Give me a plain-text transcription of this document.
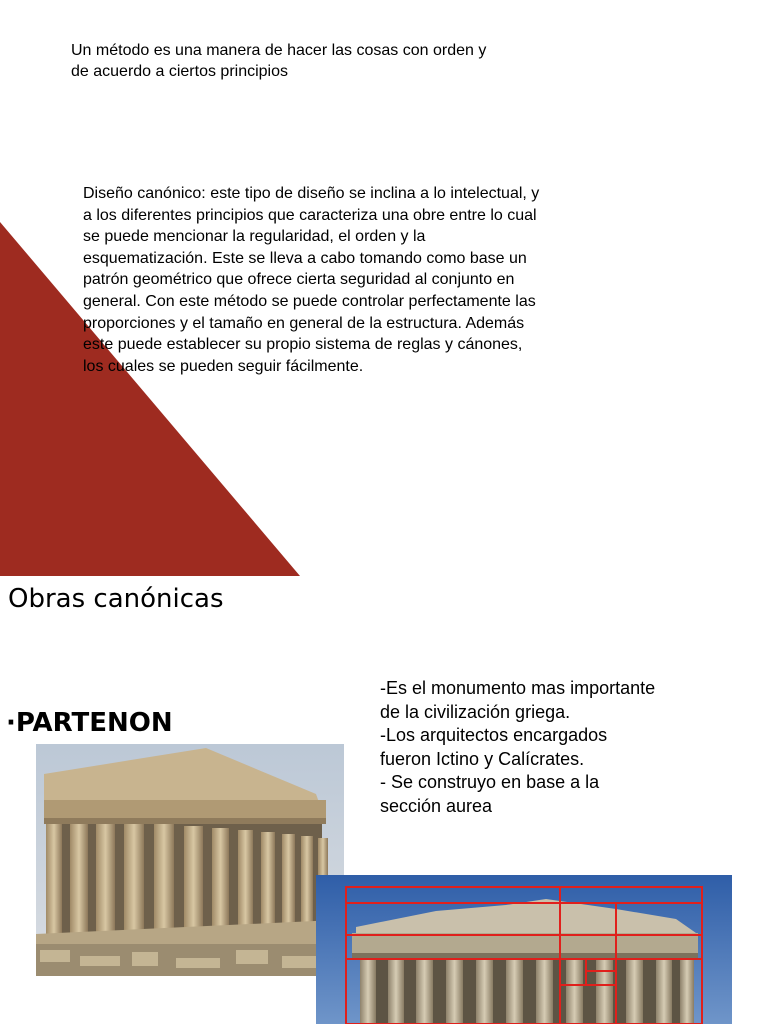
Un método es una manera de hacer las cosas con orden y
de acuerdo a ciertos principios

Diseño canónico: este tipo de diseño se inclina a lo intelectual, y
a los diferentes principios que caracteriza una obre entre lo cual
se puede mencionar la regularidad, el orden y la
esquematización. Este se lleva a cabo tomando como base un
patrón geométrico que ofrece cierta seguridad al conjunto en
general. Con este método se puede controlar perfectamente las
proporciones y el tamaño en general de la estructura. Además
este puede establecer su propio sistema de reglas y cánones,
los cuales se pueden seguir fácilmente.

Obras canónicas
·PARTENON
-Es el monumento mas importante
de la civilización griega.
-Los arquitectos encargados
fueron Ictino y Calícrates.
- Se construyo en base a la
sección aurea
